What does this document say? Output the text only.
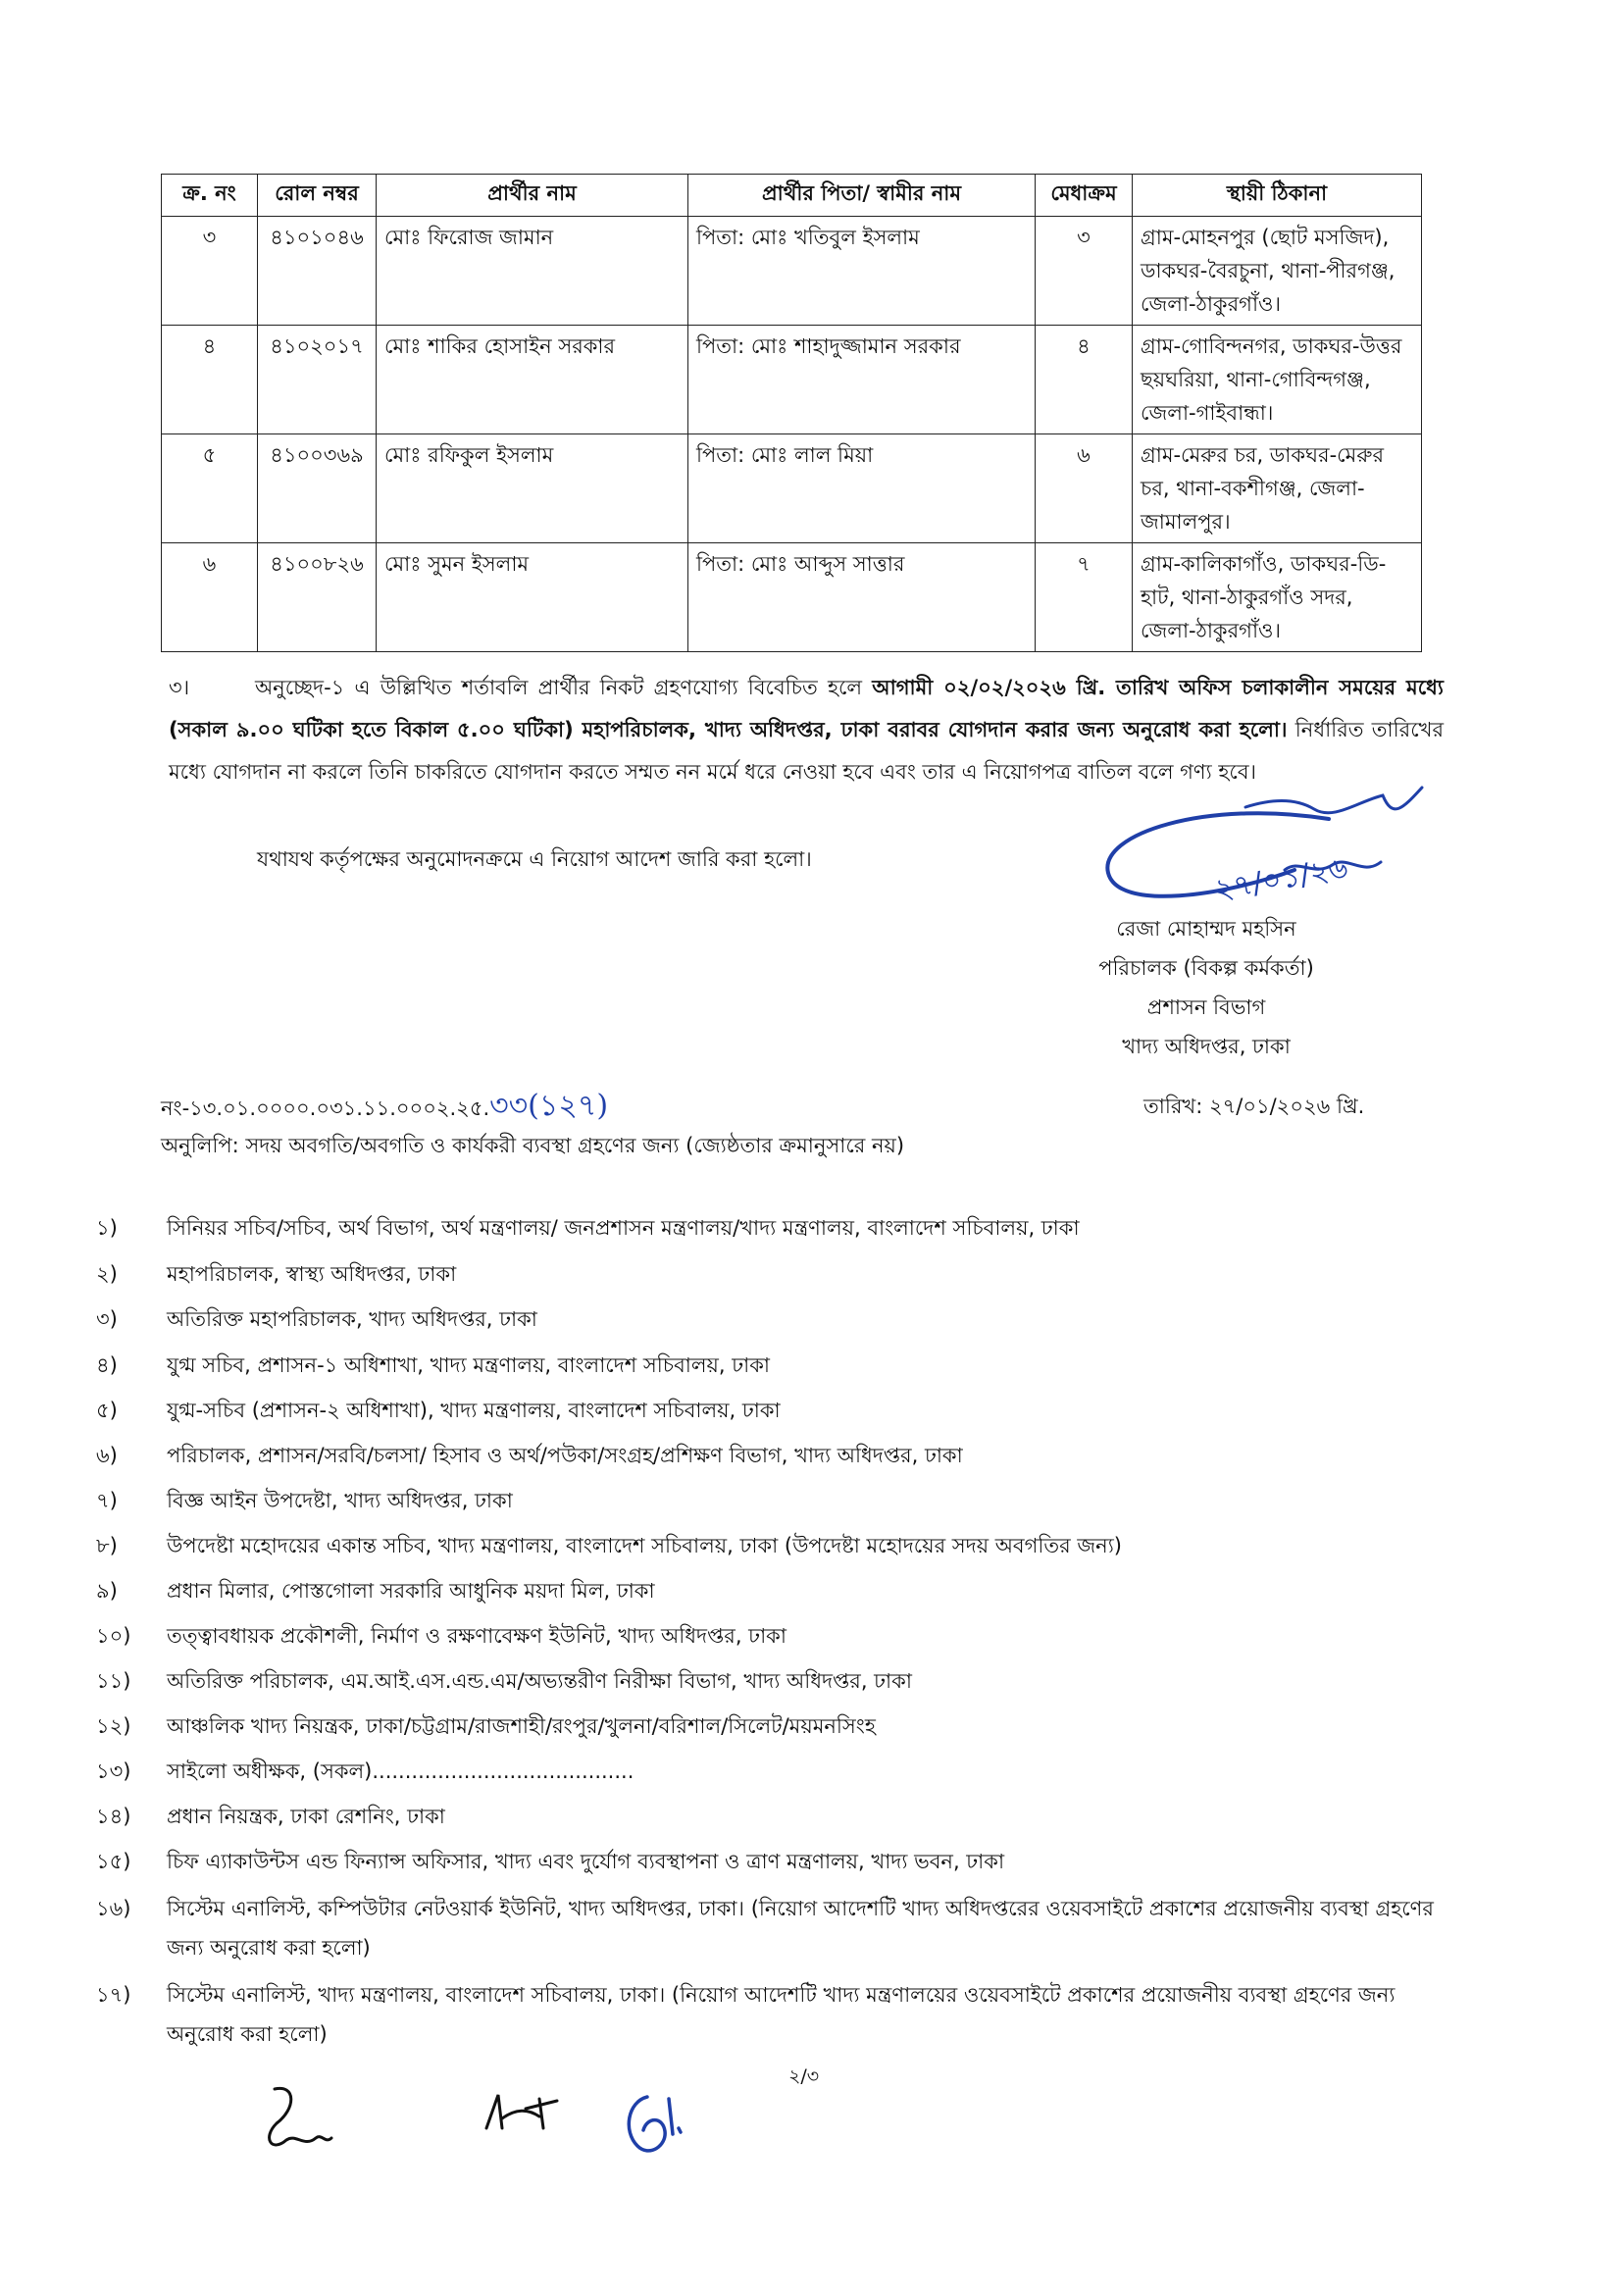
ক্র. নং	রোল নম্বর	প্রার্থীর নাম	প্রার্থীর পিতা/ স্বামীর নাম	মেধাক্রম	স্থায়ী ঠিকানা
৩	৪১০১০৪৬	মোঃ ফিরোজ জামান	পিতা: মোঃ খতিবুল ইসলাম	৩	গ্রাম-মোহনপুর (ছোট মসজিদ), ডাকঘর-বৈরচুনা, থানা-পীরগঞ্জ, জেলা-ঠাকুরগাঁও।
৪	৪১০২০১৭	মোঃ শাকির হোসাইন সরকার	পিতা: মোঃ শাহাদুজ্জামান সরকার	৪	গ্রাম-গোবিন্দনগর, ডাকঘর-উত্তর ছয়ঘরিয়া, থানা-গোবিন্দগঞ্জ, জেলা-গাইবান্ধা।
৫	৪১০০৩৬৯	মোঃ রফিকুল ইসলাম	পিতা: মোঃ লাল মিয়া	৬	গ্রাম-মেরুর চর, ডাকঘর-মেরুর চর, থানা-বকশীগঞ্জ, জেলা-জামালপুর।
৬	৪১০০৮২৬	মোঃ সুমন ইসলাম	পিতা: মোঃ আব্দুস সাত্তার	৭	গ্রাম-কালিকাগাঁও, ডাকঘর-ডি-হাট, থানা-ঠাকুরগাঁও সদর, জেলা-ঠাকুরগাঁও।
৩।	অনুচ্ছেদ-১ এ উল্লিখিত শর্তাবলি প্রার্থীর নিকট গ্রহণযোগ্য বিবেচিত হলে আগামী ০২/০২/২০২৬ খ্রি. তারিখ অফিস চলাকালীন সময়ের মধ্যে (সকাল ৯.০০ ঘটিকা হতে বিকাল ৫.০০ ঘটিকা) মহাপরিচালক, খাদ্য অধিদপ্তর, ঢাকা বরাবর যোগদান করার জন্য অনুরোধ করা হলো। নির্ধারিত তারিখের মধ্যে যোগদান না করলে তিনি চাকরিতে যোগদান করতে সম্মত নন মর্মে ধরে নেওয়া হবে এবং তার এ নিয়োগপত্র বাতিল বলে গণ্য হবে।
যথাযথ কর্তৃপক্ষের অনুমোদনক্রমে এ নিয়োগ আদেশ জারি করা হলো।	২৭/০১/২৬
রেজা মোহাম্মদ মহসিন
পরিচালক (বিকল্প কর্মকর্তা)
প্রশাসন বিভাগ
খাদ্য অধিদপ্তর, ঢাকা
নং-১৩.০১.০০০০.০৩১.১১.০০০২.২৫.৩৩(১২৭)	তারিখ: ২৭/০১/২০২৬ খ্রি.
অনুলিপি: সদয় অবগতি/অবগতি ও কার্যকরী ব্যবস্থা গ্রহণের জন্য (জ্যেষ্ঠতার ক্রমানুসারে নয়)
১)	সিনিয়র সচিব/সচিব, অর্থ বিভাগ, অর্থ মন্ত্রণালয়/ জনপ্রশাসন মন্ত্রণালয়/খাদ্য মন্ত্রণালয়, বাংলাদেশ সচিবালয়, ঢাকা
২)	মহাপরিচালক, স্বাস্থ্য অধিদপ্তর, ঢাকা
৩)	অতিরিক্ত মহাপরিচালক, খাদ্য অধিদপ্তর, ঢাকা
৪)	যুগ্ম সচিব, প্রশাসন-১ অধিশাখা, খাদ্য মন্ত্রণালয়, বাংলাদেশ সচিবালয়, ঢাকা
৫)	যুগ্ম-সচিব (প্রশাসন-২ অধিশাখা), খাদ্য মন্ত্রণালয়, বাংলাদেশ সচিবালয়, ঢাকা
৬)	পরিচালক, প্রশাসন/সরবি/চলসা/ হিসাব ও অর্থ/পউকা/সংগ্রহ/প্রশিক্ষণ বিভাগ, খাদ্য অধিদপ্তর, ঢাকা
৭)	বিজ্ঞ আইন উপদেষ্টা, খাদ্য অধিদপ্তর, ঢাকা
৮)	উপদেষ্টা মহোদয়ের একান্ত সচিব, খাদ্য মন্ত্রণালয়, বাংলাদেশ সচিবালয়, ঢাকা (উপদেষ্টা মহোদয়ের সদয় অবগতির জন্য)
৯)	প্রধান মিলার, পোস্তগোলা সরকারি আধুনিক ময়দা মিল, ঢাকা
১০)	তত্ত্বাবধায়ক প্রকৌশলী, নির্মাণ ও রক্ষণাবেক্ষণ ইউনিট, খাদ্য অধিদপ্তর, ঢাকা
১১)	অতিরিক্ত পরিচালক, এম.আই.এস.এন্ড.এম/অভ্যন্তরীণ নিরীক্ষা বিভাগ, খাদ্য অধিদপ্তর, ঢাকা
১২)	আঞ্চলিক খাদ্য নিয়ন্ত্রক, ঢাকা/চট্টগ্রাম/রাজশাহী/রংপুর/খুলনা/বরিশাল/সিলেট/ময়মনসিংহ
১৩)	সাইলো অধীক্ষক, (সকল)........................................
১৪)	প্রধান নিয়ন্ত্রক, ঢাকা রেশনিং, ঢাকা
১৫)	চিফ এ্যাকাউন্টস এন্ড ফিন্যান্স অফিসার, খাদ্য এবং দুর্যোগ ব্যবস্থাপনা ও ত্রাণ মন্ত্রণালয়, খাদ্য ভবন, ঢাকা
১৬)	সিস্টেম এনালিস্ট, কম্পিউটার নেটওয়ার্ক ইউনিট, খাদ্য অধিদপ্তর, ঢাকা। (নিয়োগ আদেশটি খাদ্য অধিদপ্তরের ওয়েবসাইটে প্রকাশের প্রয়োজনীয় ব্যবস্থা গ্রহণের জন্য অনুরোধ করা হলো)
১৭)	সিস্টেম এনালিস্ট, খাদ্য মন্ত্রণালয়, বাংলাদেশ সচিবালয়, ঢাকা। (নিয়োগ আদেশটি খাদ্য মন্ত্রণালয়ের ওয়েবসাইটে প্রকাশের প্রয়োজনীয় ব্যবস্থা গ্রহণের জন্য অনুরোধ করা হলো)
২/৩
